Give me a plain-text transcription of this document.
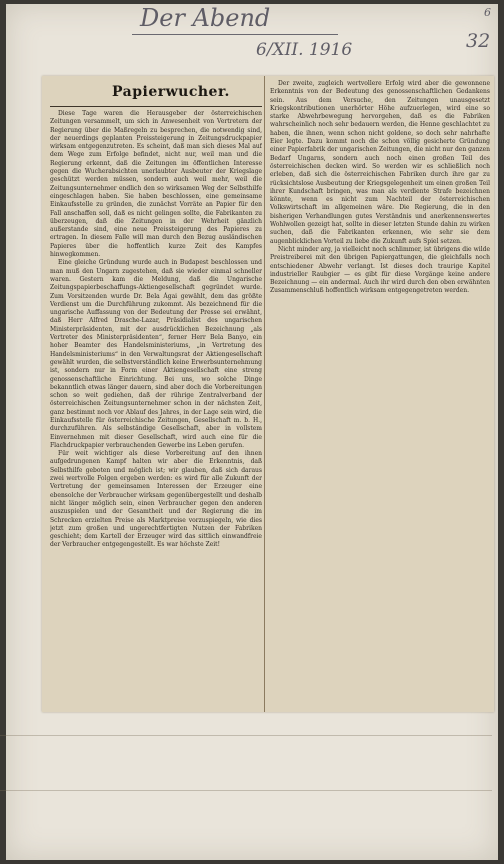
Der Abend
6/XII. 1916
6
32
Papierwucher.

Diese Tage waren die Herausgeber der österreichischen Zeitungen versammelt, um sich in Anwesenheit von Vertretern der Regierung über die Maßregeln zu besprechen, die notwendig sind, der neuerdings geplanten Preissteigerung in Zeitungsdruckpapier wirksam entgegenzutreten. Es scheint, daß man sich dieses Mal auf dem Wege zum Erfolge befindet, nicht nur, weil man und die Regierung erkennt, daß die Zeitungen im öffentlichen Interesse gegen die Wucherabsichten unerlaubter Ausbeuter der Kriegslage geschützt werden müssen, sondern auch weil mehr, weil die Zeitungsunternehmer endlich den so wirksamen Weg der Selbsthilfe eingeschlagen haben. Sie haben beschlossen, eine gemeinsame Einkaufsstelle zu gründen, die zunächst Vorräte an Papier für den Fall anschaffen soll, daß es nicht gelingen sollte, die Fabrikanten zu überzeugen, daß die Zeitungen in der Wehrheit gänzlich außerstande sind, eine neue Preissteigerung des Papieres zu ertragen. In diesem Falle will man durch den Bezug ausländischen Papieres über die hoffentlich kurze Zeit des Kampfes hinwegkommen.

Eine gleiche Gründung wurde auch in Budapest beschlossen und man muß den Ungarn zugestehen, daß sie wieder einmal schneller waren. Gestern kam die Meldung, daß die Ungarische Zeitungspapierbeschaffungs-Aktiengesellschaft gegründet wurde. Zum Vorsitzenden wurde Dr. Bela Ágai gewählt, dem das größte Verdienst um die Durchführung zukommt. Als bezeichnend für die ungarische Auffassung von der Bedeutung der Presse sei erwähnt, daß Herr Alfred Drasche-Lazar, Präsidialist des ungarischen Ministerpräsidenten, mit der ausdrücklichen Bezeichnung „als Vertreter des Ministerpräsidenten“, ferner Herr Bela Banyo, ein hoher Beamter des Handelsministeriums, „in Vertretung des Handelsministeriums“ in den Verwaltungsrat der Aktiengesellschaft gewählt wurden, die selbstverständlich keine Erwerbsunternehmung ist, sondern nur in Form einer Aktiengesellschaft eine streng genossenschaftliche Einrichtung. Bei uns, wo solche Dinge bekanntlich etwas länger dauern, sind aber doch die Vorbereitungen schon so weit gediehen, daß der rührige Zentralverband der österreichischen Zeitungsunternehmer schon in der nächsten Zeit, ganz bestimmt noch vor Ablauf des Jahres, in der Lage sein wird, die Einkaufsstelle für österreichische Zeitungen, Gesellschaft m. b. H., durchzuführen. Als selbständige Gesellschaft, aber in vollstem Einvernehmen mit dieser Gesellschaft, wird auch eine für die Flachdruckpapier verbrauchenden Gewerbe ins Leben gerufen.

Für weit wichtiger als diese Vorbereitung auf den ihnen aufgedrungenen Kampf halten wir aber die Erkenntnis, daß Selbsthilfe geboten und möglich ist; wir glauben, daß sich daraus zwei wertvolle Folgen ergeben werden: es wird für alle Zukunft der Vertretung der gemeinsamen Interessen der Erzeuger eine ebensolche der Verbraucher wirksam gegenübergestellt und deshalb nicht länger möglich sein, einen Verbraucher gegen den anderen auszuspielen und der Gesamtheit und der Regierung die im Schrecken erzielten Preise als Marktpreise vorzuspiegeln, wie dies jetzt zum großen und ungerechtfertigten Nutzen der Fabriken geschieht; dem Kartell der Erzeuger wird das sittlich einwandfreie der Verbraucher entgegengestellt. Es war höchste Zeit!

Der zweite, zugleich wertvollere Erfolg wird aber die gewonnene Erkenntnis von der Bedeutung des genossenschaftlichen Gedankens sein. Aus dem Versuche, den Zeitungen unausgesetzt Kriegskontributionen unerhörter Höhe aufzuerlegen, wird eine so starke Abwehrbewegung hervorgehen, daß es die Fabriken wahrscheinlich noch sehr bedauern werden, die Henne geschlachtet zu haben, die ihnen, wenn schon nicht goldene, so doch sehr nahrhafte Eier legte. Dazu kommt noch die schon völlig gesicherte Gründung einer Papierfabrik der ungarischen Zeitungen, die nicht nur den ganzen Bedarf Ungarns, sondern auch noch einen großen Teil des österreichischen decken wird. So werden wir es schließlich noch erleben, daß sich die österreichischen Fabriken durch ihre gar zu rücksichtslose Ausbeutung der Kriegsgelegenheit um einen großen Teil ihrer Kundschaft bringen, was man als verdiente Strafe bezeichnen könnte, wenn es nicht zum Nachteil der österreichischen Volkswirtschaft im allgemeinen wäre. Die Regierung, die in den bisherigen Verhandlungen gutes Verständnis und anerkennenswertes Wohlwollen gezeigt hat, sollte in dieser letzten Stunde dahin zu wirken suchen, daß die Fabrikanten erkennen, wie sehr sie dem augenblicklichen Vorteil zu liebe die Zukunft aufs Spiel setzen.

Nicht minder arg, ja vielleicht noch schlimmer, ist übrigens die wilde Preistreiberei mit den übrigen Papiergattungen, die gleichfalls noch entschiedener Abwehr verlangt. Ist dieses doch traurige Kapitel industrieller Raubgier — es gibt für diese Vorgänge keine andere Bezeichnung — ein andermal. Auch ihr wird durch den oben erwähnten Zusammenschluß hoffentlich wirksam entgegengetreten werden.
